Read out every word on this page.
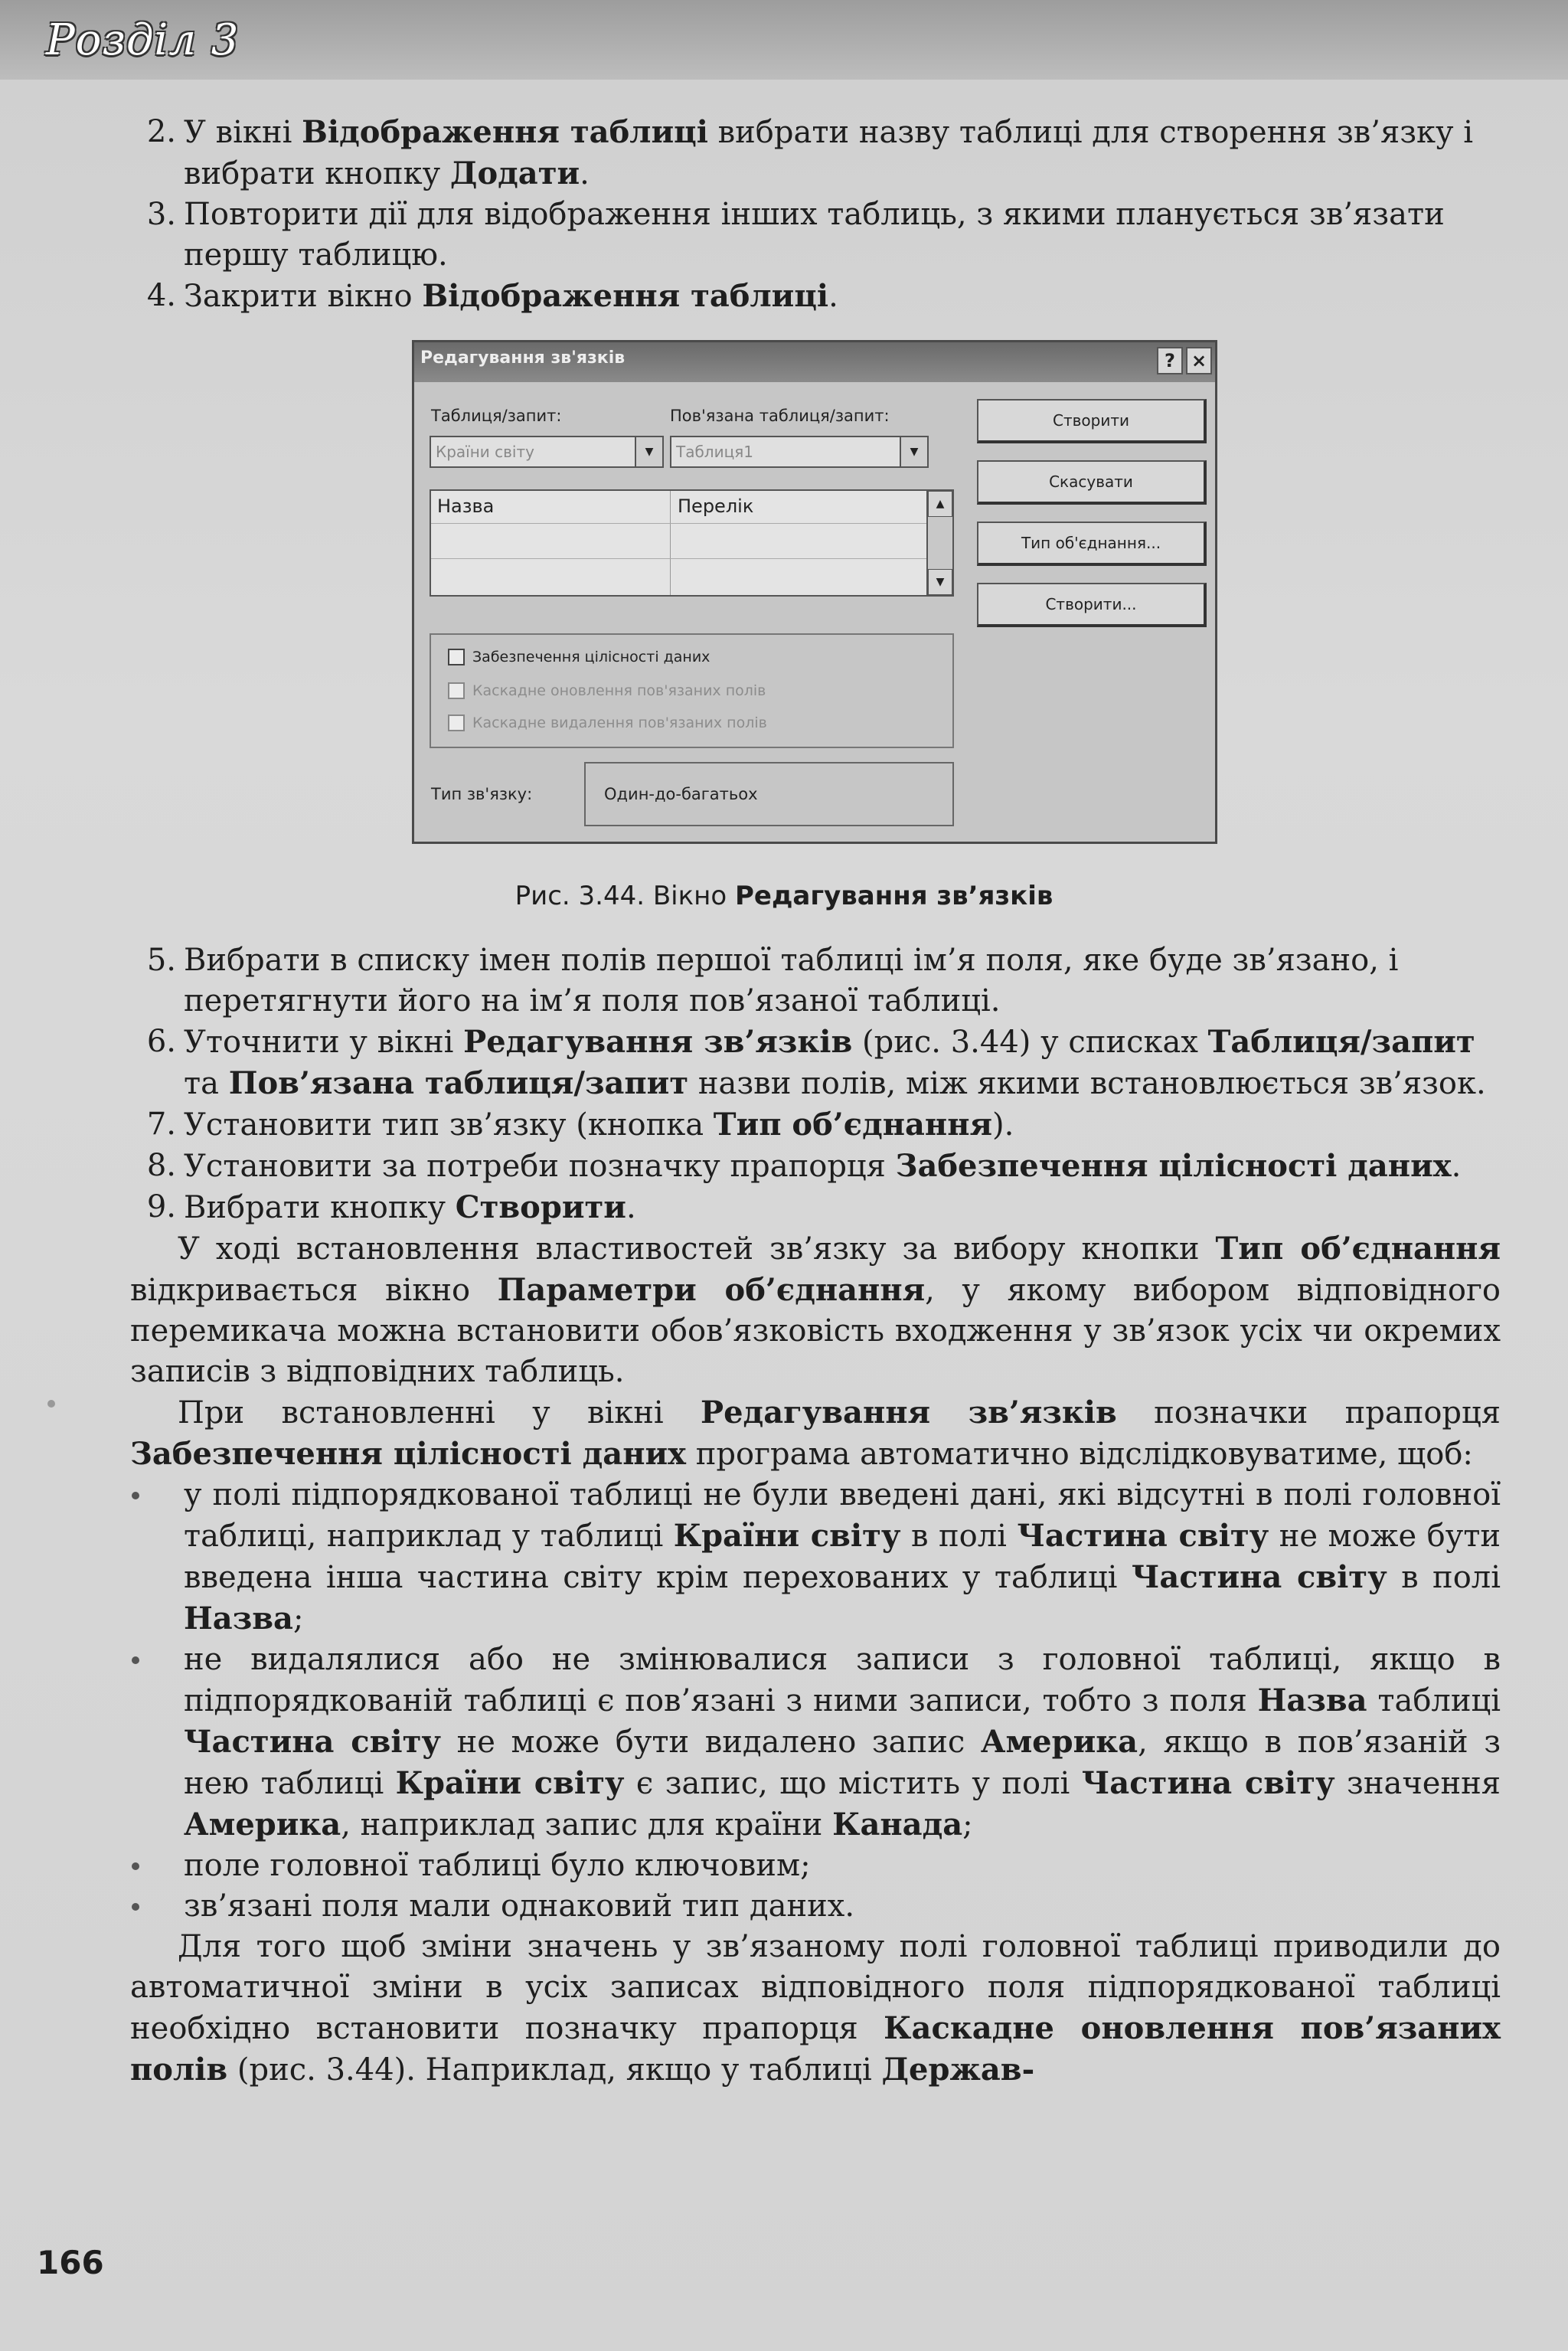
Розділ 3
2. У вікні Відображення таблиці вибрати назву таблиці для створення зв’язку і вибрати кнопку Додати.
3. Повторити дії для відображення інших таблиць, з якими планується зв’язати першу таблицю.
4. Закрити вікно Відображення таблиці.
Редагування зв'язків	? ×
Таблиця/запит:	Пов'язана таблиця/запит:
Країни світу	▼	Таблиця1	▼
Назва	Перелік	▲
▼
Забезпечення цілісності даних
Каскадне оновлення пов'язаних полів
Каскадне видалення пов'язаних полів
Тип зв'язку:	Один-до-багатьох
Створити
Скасувати
Тип об'єднання...
Створити...
Рис. 3.44. Вікно Редагування зв’язків
5. Вибрати в списку імен полів першої таблиці ім’я поля, яке буде зв’язано, і перетягнути його на ім’я поля пов’язаної таблиці.
6. Уточнити у вікні Редагування зв’язків (рис. 3.44) у списках Таблиця/запит та Пов’язана таблиця/запит назви полів, між якими встановлюється зв’язок.
7. Установити тип зв’язку (кнопка Тип об’єднання).
8. Установити за потреби позначку прапорця Забезпечення цілісності даних.
9. Вибрати кнопку Створити.

У ході встановлення властивостей зв’язку за вибору кнопки Тип об’єднання відкривається вікно Параметри об’єднання, у якому вибором відповідного перемикача можна встановити обов’язковість входження у зв’язок усіх чи окремих записів з відповідних таблиць.

При встановленні у вікні Редагування зв’язків позначки прапорця Забезпечення цілісності даних програма автоматично відслідковуватиме, щоб:

у полі підпорядкованої таблиці не були введені дані, які відсутні в полі головної таблиці, наприклад у таблиці Країни світу в полі Частина світу не може бути введена інша частина світу крім перехованих у таблиці Частина світу в полі Назва;
не видалялися або не змінювалися записи з головної таблиці, якщо в підпорядкованій таблиці є пов’язані з ними записи, тобто з поля Назва таблиці Частина світу не може бути видалено запис Америка, якщо в пов’язаній з нею таблиці Країни світу є запис, що містить у полі Частина світу значення Америка, наприклад запис для країни Канада;
поле головної таблиці було ключовим;
зв’язані поля мали однаковий тип даних.

Для того щоб зміни значень у зв’язаному полі головної таблиці приводили до автоматичної зміни в усіх записах відповідного поля підпорядкованої таблиці необхідно встановити позначку прапорця Каскадне оновлення пов’язаних полів (рис. 3.44). Наприклад, якщо у таблиці Держав-

166
